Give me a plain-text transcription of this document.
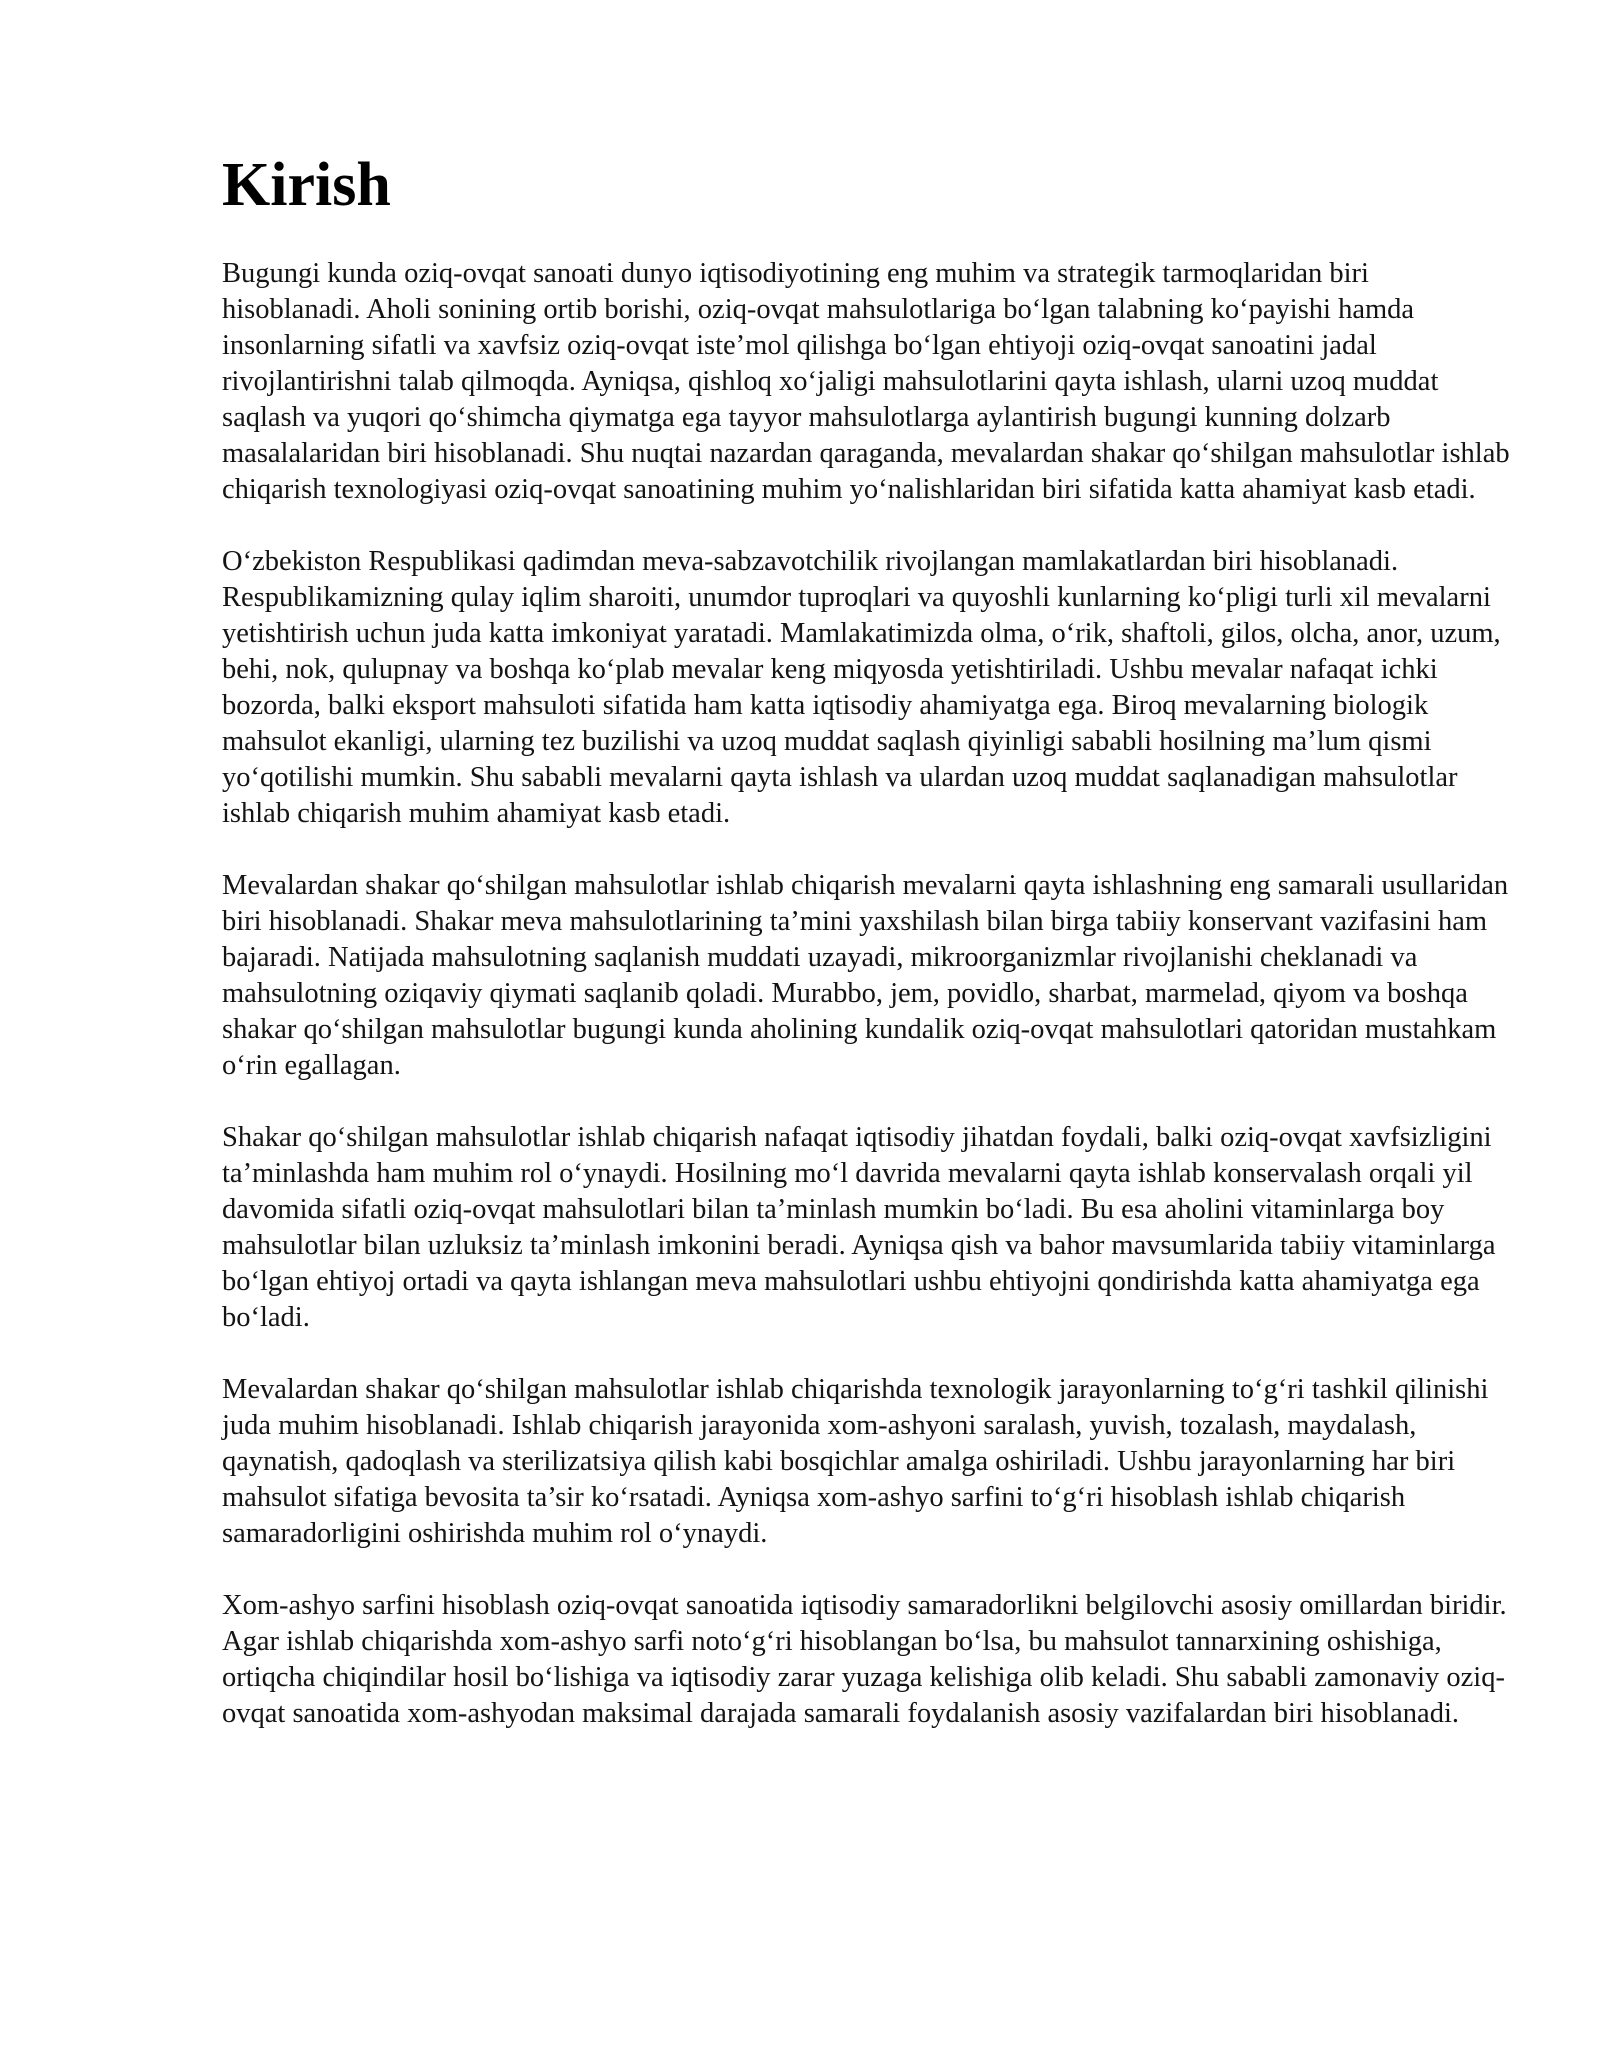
Kirish

Bugungi kunda oziq-ovqat sanoati dunyo iqtisodiyotining eng muhim va strategik tarmoqlaridan biri hisoblanadi. Aholi sonining ortib borishi, oziq-ovqat mahsulotlariga bo‘lgan talabning ko‘payishi hamda insonlarning sifatli va xavfsiz oziq-ovqat iste’mol qilishga bo‘lgan ehtiyoji oziq-ovqat sanoatini jadal rivojlantirishni talab qilmoqda. Ayniqsa, qishloq xo‘jaligi mahsulotlarini qayta ishlash, ularni uzoq muddat saqlash va yuqori qo‘shimcha qiymatga ega tayyor mahsulotlarga aylantirish bugungi kunning dolzarb masalalaridan biri hisoblanadi. Shu nuqtai nazardan qaraganda, mevalardan shakar qo‘shilgan mahsulotlar ishlab chiqarish texnologiyasi oziq-ovqat sanoatining muhim yo‘nalishlaridan biri sifatida katta ahamiyat kasb etadi.

O‘zbekiston Respublikasi qadimdan meva-sabzavotchilik rivojlangan mamlakatlardan biri hisoblanadi. Respublikamizning qulay iqlim sharoiti, unumdor tuproqlari va quyoshli kunlarning ko‘pligi turli xil mevalarni yetishtirish uchun juda katta imkoniyat yaratadi. Mamlakatimizda olma, o‘rik, shaftoli, gilos, olcha, anor, uzum, behi, nok, qulupnay va boshqa ko‘plab mevalar keng miqyosda yetishtiriladi. Ushbu mevalar nafaqat ichki bozorda, balki eksport mahsuloti sifatida ham katta iqtisodiy ahamiyatga ega. Biroq mevalarning biologik mahsulot ekanligi, ularning tez buzilishi va uzoq muddat saqlash qiyinligi sababli hosilning ma’lum qismi yo‘qotilishi mumkin. Shu sababli mevalarni qayta ishlash va ulardan uzoq muddat saqlanadigan mahsulotlar ishlab chiqarish muhim ahamiyat kasb etadi.

Mevalardan shakar qo‘shilgan mahsulotlar ishlab chiqarish mevalarni qayta ishlashning eng samarali usullaridan biri hisoblanadi. Shakar meva mahsulotlarining ta’mini yaxshilash bilan birga tabiiy konservant vazifasini ham bajaradi. Natijada mahsulotning saqlanish muddati uzayadi, mikroorganizmlar rivojlanishi cheklanadi va mahsulotning oziqaviy qiymati saqlanib qoladi. Murabbo, jem, povidlo, sharbat, marmelad, qiyom va boshqa shakar qo‘shilgan mahsulotlar bugungi kunda aholining kundalik oziq-ovqat mahsulotlari qatoridan mustahkam o‘rin egallagan.

Shakar qo‘shilgan mahsulotlar ishlab chiqarish nafaqat iqtisodiy jihatdan foydali, balki oziq-ovqat xavfsizligini ta’minlashda ham muhim rol o‘ynaydi. Hosilning mo‘l davrida mevalarni qayta ishlab konservalash orqali yil davomida sifatli oziq-ovqat mahsulotlari bilan ta’minlash mumkin bo‘ladi. Bu esa aholini vitaminlarga boy mahsulotlar bilan uzluksiz ta’minlash imkonini beradi. Ayniqsa qish va bahor mavsumlarida tabiiy vitaminlarga bo‘lgan ehtiyoj ortadi va qayta ishlangan meva mahsulotlari ushbu ehtiyojni qondirishda katta ahamiyatga ega bo‘ladi.

Mevalardan shakar qo‘shilgan mahsulotlar ishlab chiqarishda texnologik jarayonlarning to‘g‘ri tashkil qilinishi juda muhim hisoblanadi. Ishlab chiqarish jarayonida xom-ashyoni saralash, yuvish, tozalash, maydalash, qaynatish, qadoqlash va sterilizatsiya qilish kabi bosqichlar amalga oshiriladi. Ushbu jarayonlarning har biri mahsulot sifatiga bevosita ta’sir ko‘rsatadi. Ayniqsa xom-ashyo sarfini to‘g‘ri hisoblash ishlab chiqarish samaradorligini oshirishda muhim rol o‘ynaydi.

Xom-ashyo sarfini hisoblash oziq-ovqat sanoatida iqtisodiy samaradorlikni belgilovchi asosiy omillardan biridir. Agar ishlab chiqarishda xom-ashyo sarfi noto‘g‘ri hisoblangan bo‘lsa, bu mahsulot tannarxining oshishiga, ortiqcha chiqindilar hosil bo‘lishiga va iqtisodiy zarar yuzaga kelishiga olib keladi. Shu sababli zamonaviy oziq-ovqat sanoatida xom-ashyodan maksimal darajada samarali foydalanish asosiy vazifalardan biri hisoblanadi.
